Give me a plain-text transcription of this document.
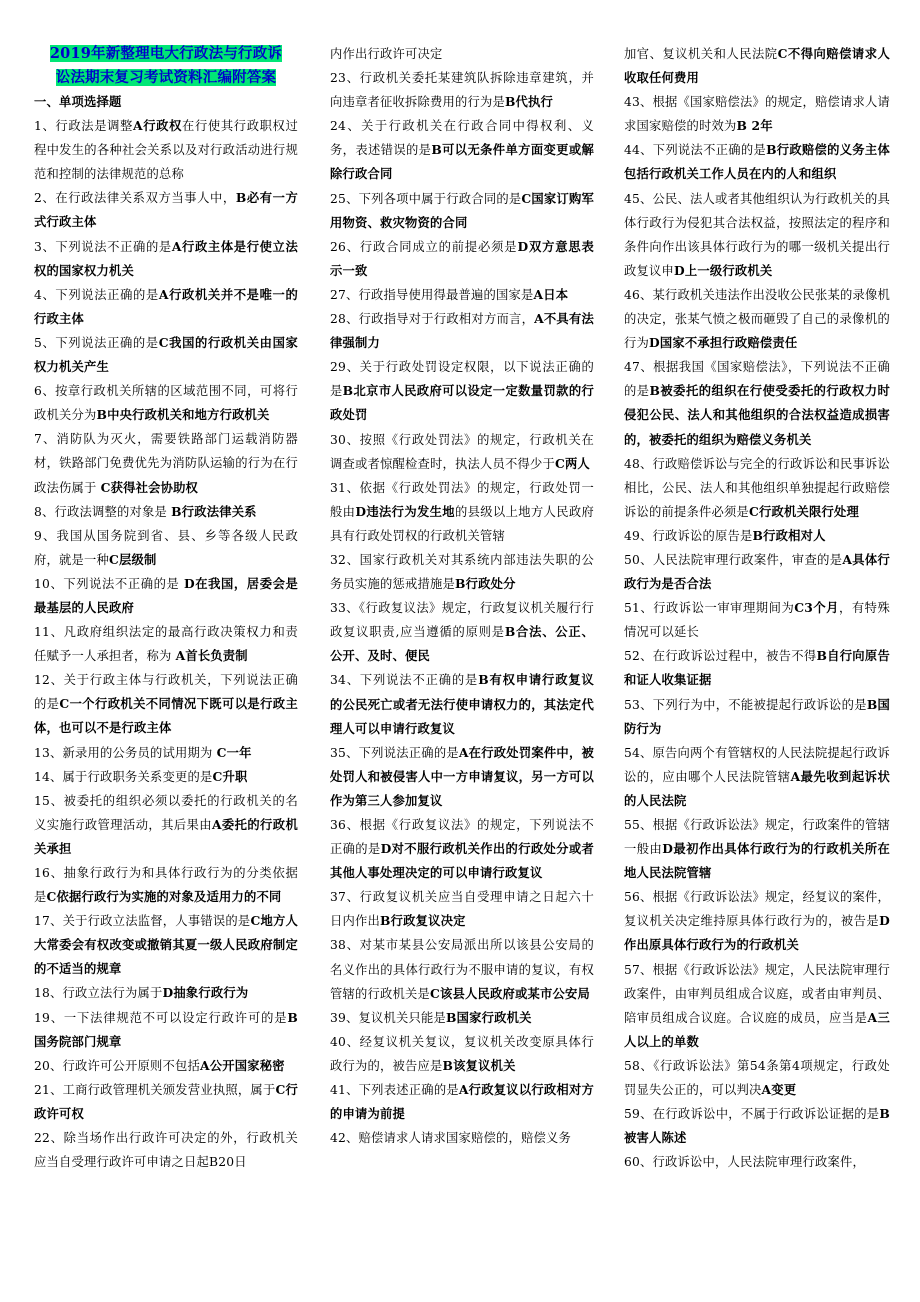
2019年新整理电大行政法与行政诉
讼法期末复习考试资料汇编附答案

一、单项选择题

1、行政法是调整A行政权在行使其行政职权过程中发生的各种社会关系以及对行政活动进行规范和控制的法律规范的总称

2、在行政法律关系双方当事人中，B必有一方式行政主体

3、下列说法不正确的是A行政主体是行使立法权的国家权力机关

4、下列说法正确的是A行政机关并不是唯一的行政主体

5、下列说法正确的是C我国的行政机关由国家权力机关产生

6、按章行政机关所辖的区域范围不同，可将行政机关分为B中央行政机关和地方行政机关

7、消防队为灭火，需要铁路部门运载消防器材，铁路部门免费优先为消防队运输的行为在行政法伤属于 C获得社会协助权

8、行政法调整的对象是 B行政法律关系

9、我国从国务院到省、县、乡等各级人民政府，就是一种C层级制

10、下列说法不正确的是 D在我国，居委会是最基层的人民政府

11、凡政府组织法定的最高行政决策权力和责任赋予一人承担者，称为 A首长负责制

12、关于行政主体与行政机关，下列说法正确的是C一个行政机关不同情况下既可以是行政主体，也可以不是行政主体

13、新录用的公务员的试用期为 C一年

14、属于行政职务关系变更的是C升职

15、被委托的组织必须以委托的行政机关的名义实施行政管理活动，其后果由A委托的行政机关承担

16、抽象行政行为和具体行政行为的分类依据是C依据行政行为实施的对象及适用力的不同

17、关于行政立法监督，人事错误的是C地方人大常委会有权改变或撤销其夏一级人民政府制定的不适当的规章

18、行政立法行为属于D抽象行政行为

19、一下法律规范不可以设定行政许可的是B国务院部门规章

20、行政许可公开原则不包括A公开国家秘密

21、工商行政管理机关颁发营业执照，属于C行政许可权

22、除当场作出行政许可决定的外，行政机关应当自受理行政许可申请之日起B20日

内作出行政许可决定

23、行政机关委托某建筑队拆除违章建筑，并向违章者征收拆除费用的行为是B代执行

24、关于行政机关在行政合同中得权利、义务，表述错误的是B可以无条件单方面变更或解除行政合同

25、下列各项中属于行政合同的是C国家订购军用物资、救灾物资的合同

26、行政合同成立的前提必须是D双方意思表示一致

27、行政指导使用得最普遍的国家是A日本

28、行政指导对于行政相对方而言，A不具有法律强制力

29、关于行政处罚设定权限，以下说法正确的是B北京市人民政府可以设定一定数量罚款的行政处罚

30、按照《行政处罚法》的规定，行政机关在调查或者惊醒检查时，执法人员不得少于C两人

31、依据《行政处罚法》的规定，行政处罚一般由D违法行为发生地的县级以上地方人民政府具有行政处罚权的行政机关管辖

32、国家行政机关对其系统内部违法失职的公务员实施的惩戒措施是B行政处分

33、《行政复议法》规定，行政复议机关履行行政复议职责,应当遵循的原则是B合法、公正、公开、及时、便民

34、下列说法不正确的是B有权申请行政复议的公民死亡或者无法行使申请权力的，其法定代理人可以申请行政复议

35、下列说法正确的是A在行政处罚案件中，被处罚人和被侵害人中一方申请复议，另一方可以作为第三人参加复议

36、根据《行政复议法》的规定，下列说法不正确的是D对不服行政机关作出的行政处分或者其他人事处理决定的可以申请行政复议

37、行政复议机关应当自受理申请之日起六十日内作出B行政复议决定

38、对某市某县公安局派出所以该县公安局的名义作出的具体行政行为不服申请的复议，有权管辖的行政机关是C该县人民政府或某市公安局

39、复议机关只能是B国家行政机关

40、经复议机关复议，复议机关改变原具体行政行为的，被告应是B该复议机关

41、下列表述正确的是A行政复议以行政相对方的申请为前提

42、赔偿请求人请求国家赔偿的，赔偿义务

加官、复议机关和人民法院C不得向赔偿请求人收取任何费用

43、根据《国家赔偿法》的规定，赔偿请求人请求国家赔偿的时效为B 2年

44、下列说法不正确的是B行政赔偿的义务主体包括行政机关工作人员在内的人和组织

45、公民、法人或者其他组织认为行政机关的具体行政行为侵犯其合法权益，按照法定的程序和条件向作出该具体行政行为的哪一级机关提出行政复议申D上一级行政机关

46、某行政机关违法作出没收公民张某的录像机的决定，张某气愤之极而砸毁了自己的录像机的行为D国家不承担行政赔偿责任

47、根据我国《国家赔偿法》，下列说法不正确的是B被委托的组织在行使受委托的行政权力时侵犯公民、法人和其他组织的合法权益造成损害的，被委托的组织为赔偿义务机关

48、行政赔偿诉讼与完全的行政诉讼和民事诉讼相比，公民、法人和其他组织单独提起行政赔偿诉讼的前提条件必须是C行政机关限行处理

49、行政诉讼的原告是B行政相对人

50、人民法院审理行政案件，审查的是A具体行政行为是否合法

51、行政诉讼一审审理期间为C3个月，有特殊情况可以延长

52、在行政诉讼过程中，被告不得B自行向原告和证人收集证据

53、下列行为中，不能被提起行政诉讼的是B国防行为

54、原告向两个有管辖权的人民法院提起行政诉讼的，应由哪个人民法院管辖A最先收到起诉状的人民法院

55、根据《行政诉讼法》规定，行政案件的管辖一般由D最初作出具体行政行为的行政机关所在地人民法院管辖

56、根据《行政诉讼法》规定，经复议的案件，复议机关决定维持原具体行政行为的，被告是D作出原具体行政行为的行政机关

57、根据《行政诉讼法》规定，人民法院审理行政案件，由审判员组成合议庭，或者由审判员、陪审员组成合议庭。合议庭的成员，应当是A三人以上的单数

58、《行政诉讼法》第54条第4项规定，行政处罚显失公正的，可以判决A变更

59、在行政诉讼中，不属于行政诉讼证据的是B被害人陈述

60、行政诉讼中，人民法院审理行政案件，
